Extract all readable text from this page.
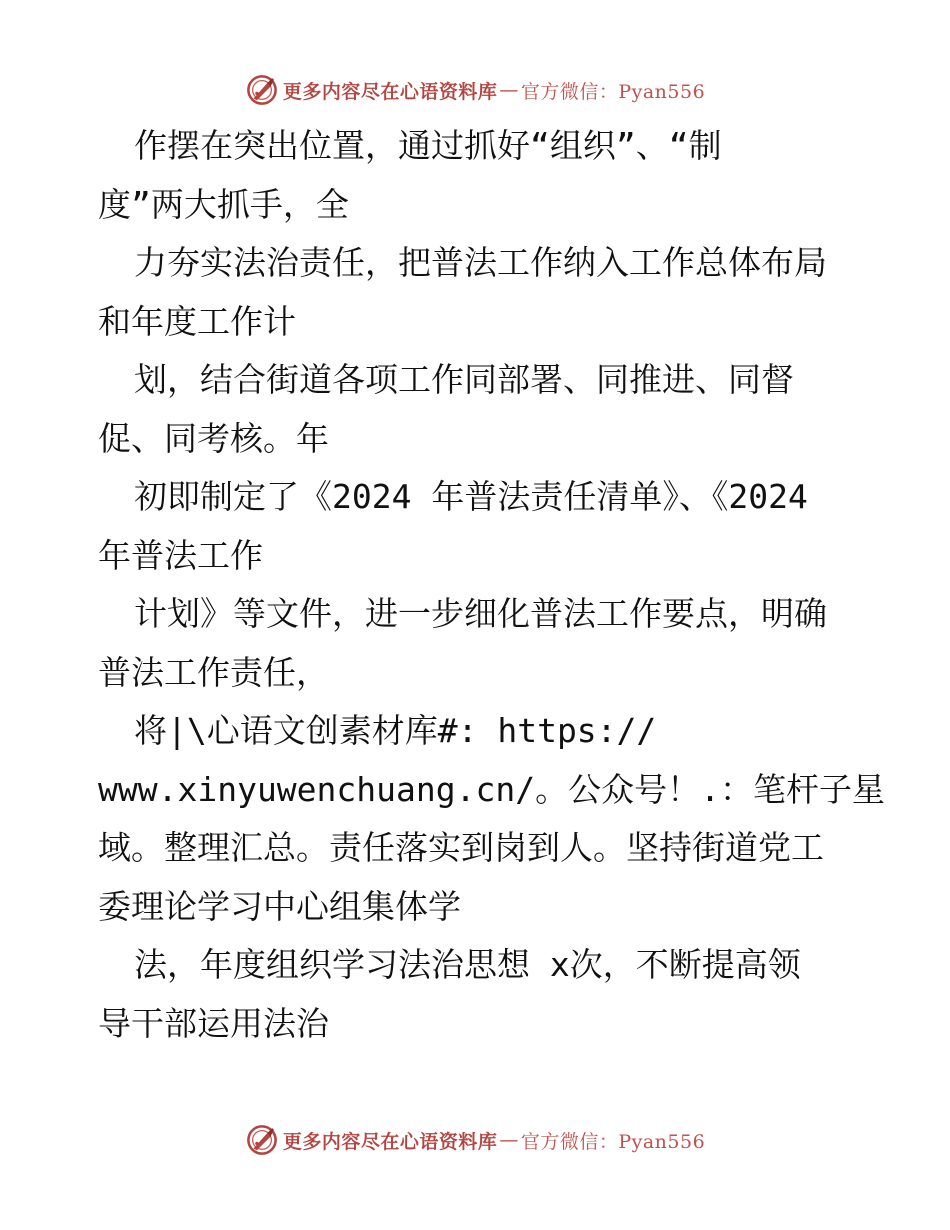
更多内容尽在心语资料库 — 官方微信：Pyan556
作摆在突出位置，通过抓好“组织”、“制
度”两大抓手，全
力夯实法治责任，把普法工作纳入工作总体布局
和年度工作计
划，结合街道各项工作同部署、同推进、同督
促、同考核。年
初即制定了《2024 年普法责任清单》、《2024
年普法工作
计划》等文件，进一步细化普法工作要点，明确
普法工作责任，
将|\心语文创素材库#: https://
www.xinyuwenchuang.cn/。公众号！.：笔杆子星
域。整理汇总。责任落实到岗到人。坚持街道党工
委理论学习中心组集体学
法，年度组织学习法治思想 x次，不断提高领
导干部运用法治
更多内容尽在心语资料库 — 官方微信：Pyan556
